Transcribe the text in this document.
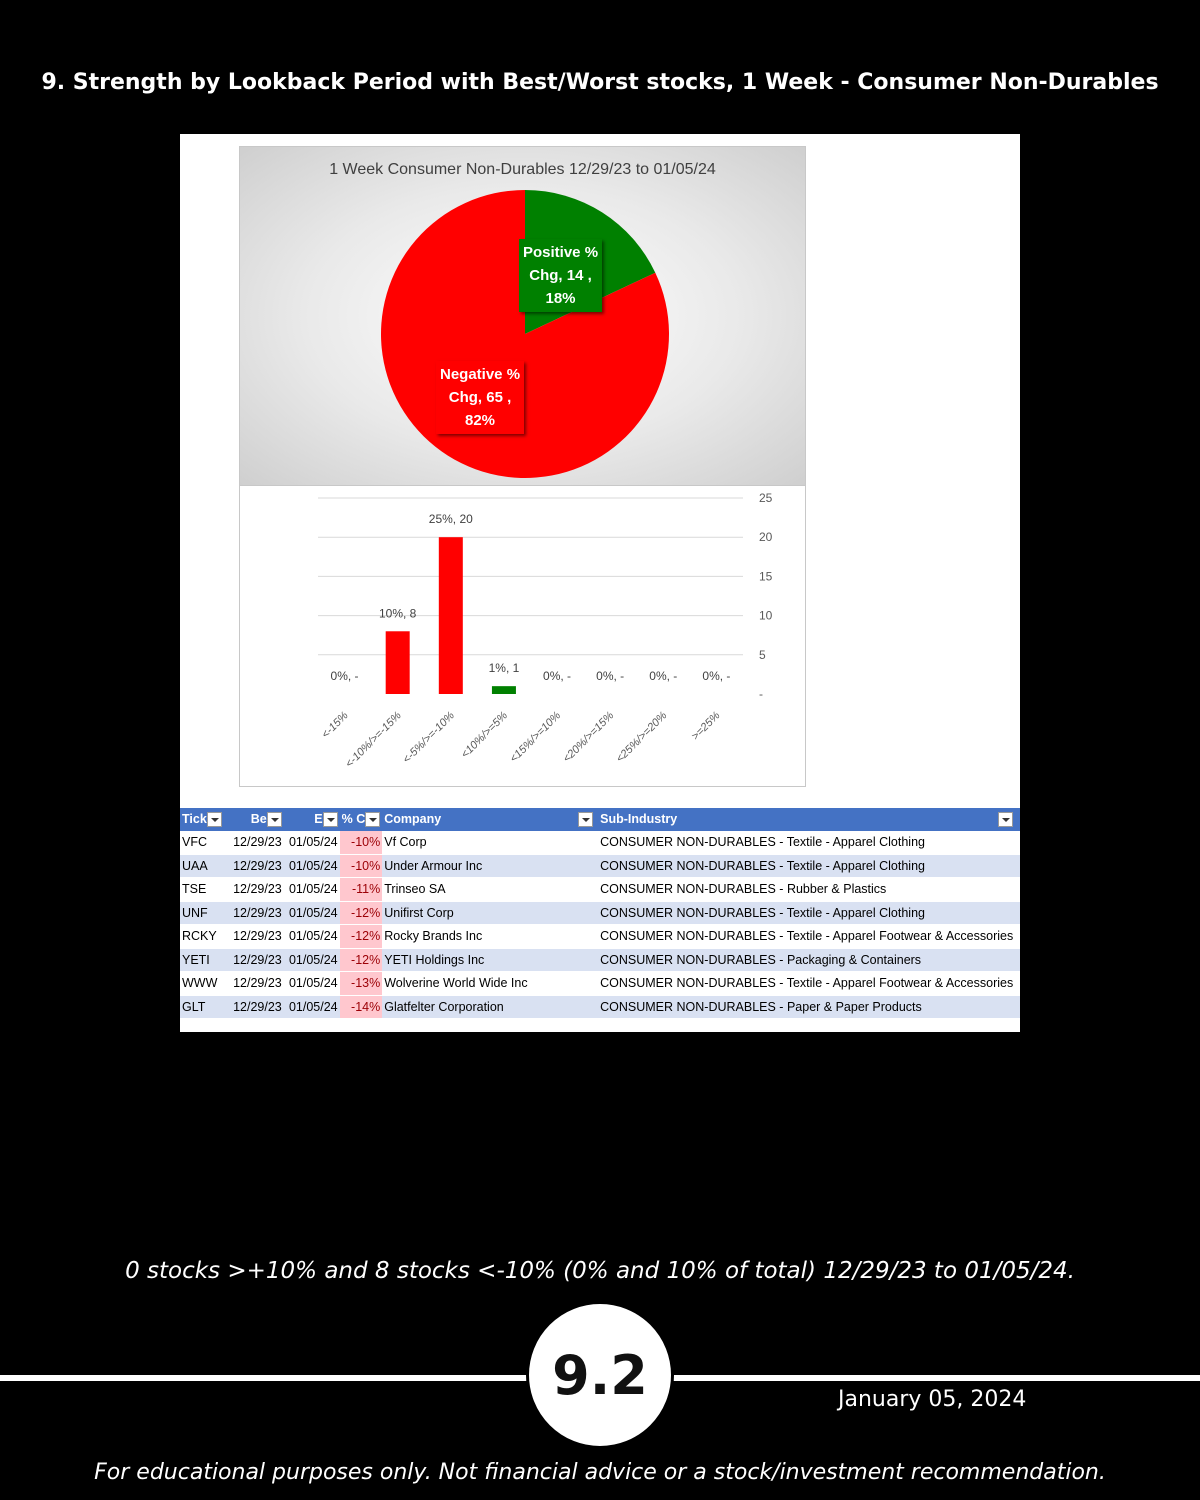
9. Strength by Lookback Period with Best/Worst stocks, 1 Week - Consumer Non-Durables
1 Week Consumer Non-Durables 12/29/23 to 01/05/24
Positive %
Chg, 14 ,
18%
Negative %
Chg, 65 ,
82%
-
5
10
15
20
25
0%, -
<-15%
10%, 8
<-10%/>=-15%
25%, 20
<-5%/>=-10%
1%, 1
<10%/>=5%
0%, -
<15%/>=10%
0%, -
<20%/>=15%
0%, -
<25%/>=20%
0%, -
>=25%
Tick	Be	E	% C	Company	Sub-Industry
VFC	12/29/23	01/05/24	-10%	Vf Corp	CONSUMER NON-DURABLES - Textile - Apparel Clothing
UAA	12/29/23	01/05/24	-10%	Under Armour Inc	CONSUMER NON-DURABLES - Textile - Apparel Clothing
TSE	12/29/23	01/05/24	-11%	Trinseo SA	CONSUMER NON-DURABLES - Rubber & Plastics
UNF	12/29/23	01/05/24	-12%	Unifirst Corp	CONSUMER NON-DURABLES - Textile - Apparel Clothing
RCKY	12/29/23	01/05/24	-12%	Rocky Brands Inc	CONSUMER NON-DURABLES - Textile - Apparel Footwear & Accessories
YETI	12/29/23	01/05/24	-12%	YETI Holdings Inc	CONSUMER NON-DURABLES - Packaging & Containers
WWW	12/29/23	01/05/24	-13%	Wolverine World Wide Inc	CONSUMER NON-DURABLES - Textile - Apparel Footwear & Accessories
GLT	12/29/23	01/05/24	-14%	Glatfelter Corporation	CONSUMER NON-DURABLES - Paper & Paper Products
0 stocks >+10% and 8 stocks <-10% (0% and 10% of total) 12/29/23 to 01/05/24.
9.2	January 05, 2024
For educational purposes only. Not financial advice or a stock/investment recommendation.
